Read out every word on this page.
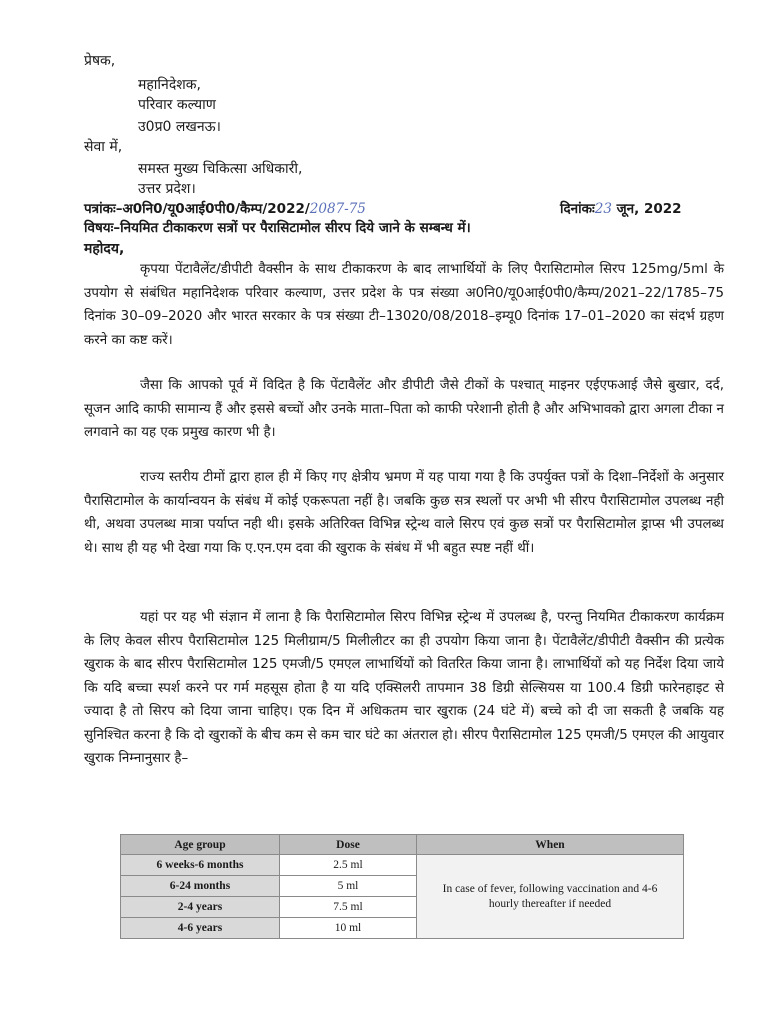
प्रेषक,
महानिदेशक,
परिवार कल्याण
उ0प्र0 लखनऊ।
सेवा में,
समस्त मुख्य चिकित्सा अधिकारी,
उत्तर प्रदेश।
पत्रांकः–अ0नि0/यू0आई0पी0/कैम्प/2022/2087-75	दिनांकः23 जून, 2022
विषयः–नियमित टीकाकरण सत्रों पर पैरासिटामोल सीरप दिये जाने के सम्बन्ध में।
महोदय,
कृपया पेंटावैलेंट/डीपीटी वैक्सीन के साथ टीकाकरण के बाद लाभार्थियों के लिए पैरासिटामोल सिरप 125mg/5ml के उपयोग से संबंधित महानिदेशक परिवार कल्याण, उत्तर प्रदेश के पत्र संख्या अ0नि0/यू0आई0पी0/कैम्प/2021–22/1785–75 दिनांक 30–09–2020 और भारत सरकार के पत्र संख्या टी–13020/08/2018–इम्यू0 दिनांक 17–01–2020 का संदर्भ ग्रहण करने का कष्ट करें।
जैसा कि आपको पूर्व में विदित है कि पेंटावैलेंट और डीपीटी जैसे टीकों के पश्चात् माइनर एईएफआई जैसे बुखार, दर्द, सूजन आदि काफी सामान्य हैं और इससे बच्चों और उनके माता–पिता को काफी परेशानी होती है और अभिभावको द्वारा अगला टीका न लगवाने का यह एक प्रमुख कारण भी है।
राज्य स्तरीय टीमों द्वारा हाल ही में किए गए क्षेत्रीय भ्रमण में यह पाया गया है कि उपर्युक्त पत्रों के दिशा–निर्देशों के अनुसार पैरासिटामोल के कार्यान्वयन के संबंध में कोई एकरूपता नहीं है। जबकि कुछ सत्र स्थलों पर अभी भी सीरप पैरासिटामोल उपलब्ध नही थी, अथवा उपलब्ध मात्रा पर्याप्त नही थी। इसके अतिरिक्त विभिन्न स्ट्रेन्थ वाले सिरप एवं कुछ सत्रों पर पैरासिटामोल ड्राप्स भी उपलब्ध थे। साथ ही यह भी देखा गया कि ए.एन.एम दवा की खुराक के संबंध में भी बहुत स्पष्ट नहीं थीं।
यहां पर यह भी संज्ञान में लाना है कि पैरासिटामोल सिरप विभिन्न स्ट्रेन्थ में उपलब्ध है, परन्तु नियमित टीकाकरण कार्यक्रम के लिए केवल सीरप पैरासिटामोल 125 मिलीग्राम/5 मिलीलीटर का ही उपयोग किया जाना है। पेंटावैलेंट/डीपीटी वैक्सीन की प्रत्येक खुराक के बाद सीरप पैरासिटामोल 125 एमजी/5 एमएल लाभार्थियों को वितरित किया जाना है। लाभार्थियों को यह निर्देश दिया जाये कि यदि बच्चा स्पर्श करने पर गर्म महसूस होता है या यदि एक्सिलरी तापमान 38 डिग्री सेल्सियस या 100.4 डिग्री फारेनहाइट से ज्यादा है तो सिरप को दिया जाना चाहिए। एक दिन में अधिकतम चार खुराक (24 घंटे में) बच्चे को दी जा सकती है जबकि यह सुनिश्चित करना है कि दो खुराकों के बीच कम से कम चार घंटे का अंतराल हो। सीरप पैरासिटामोल 125 एमजी/5 एमएल की आयुवार खुराक निम्नानुसार है–
Age group	Dose	When
6 weeks-6 months	2.5 ml	In case of fever, following vaccination and 4-6 hourly thereafter if needed
6-24 months	5 ml	
2-4 years	7.5 ml	
4-6 years	10 ml	
